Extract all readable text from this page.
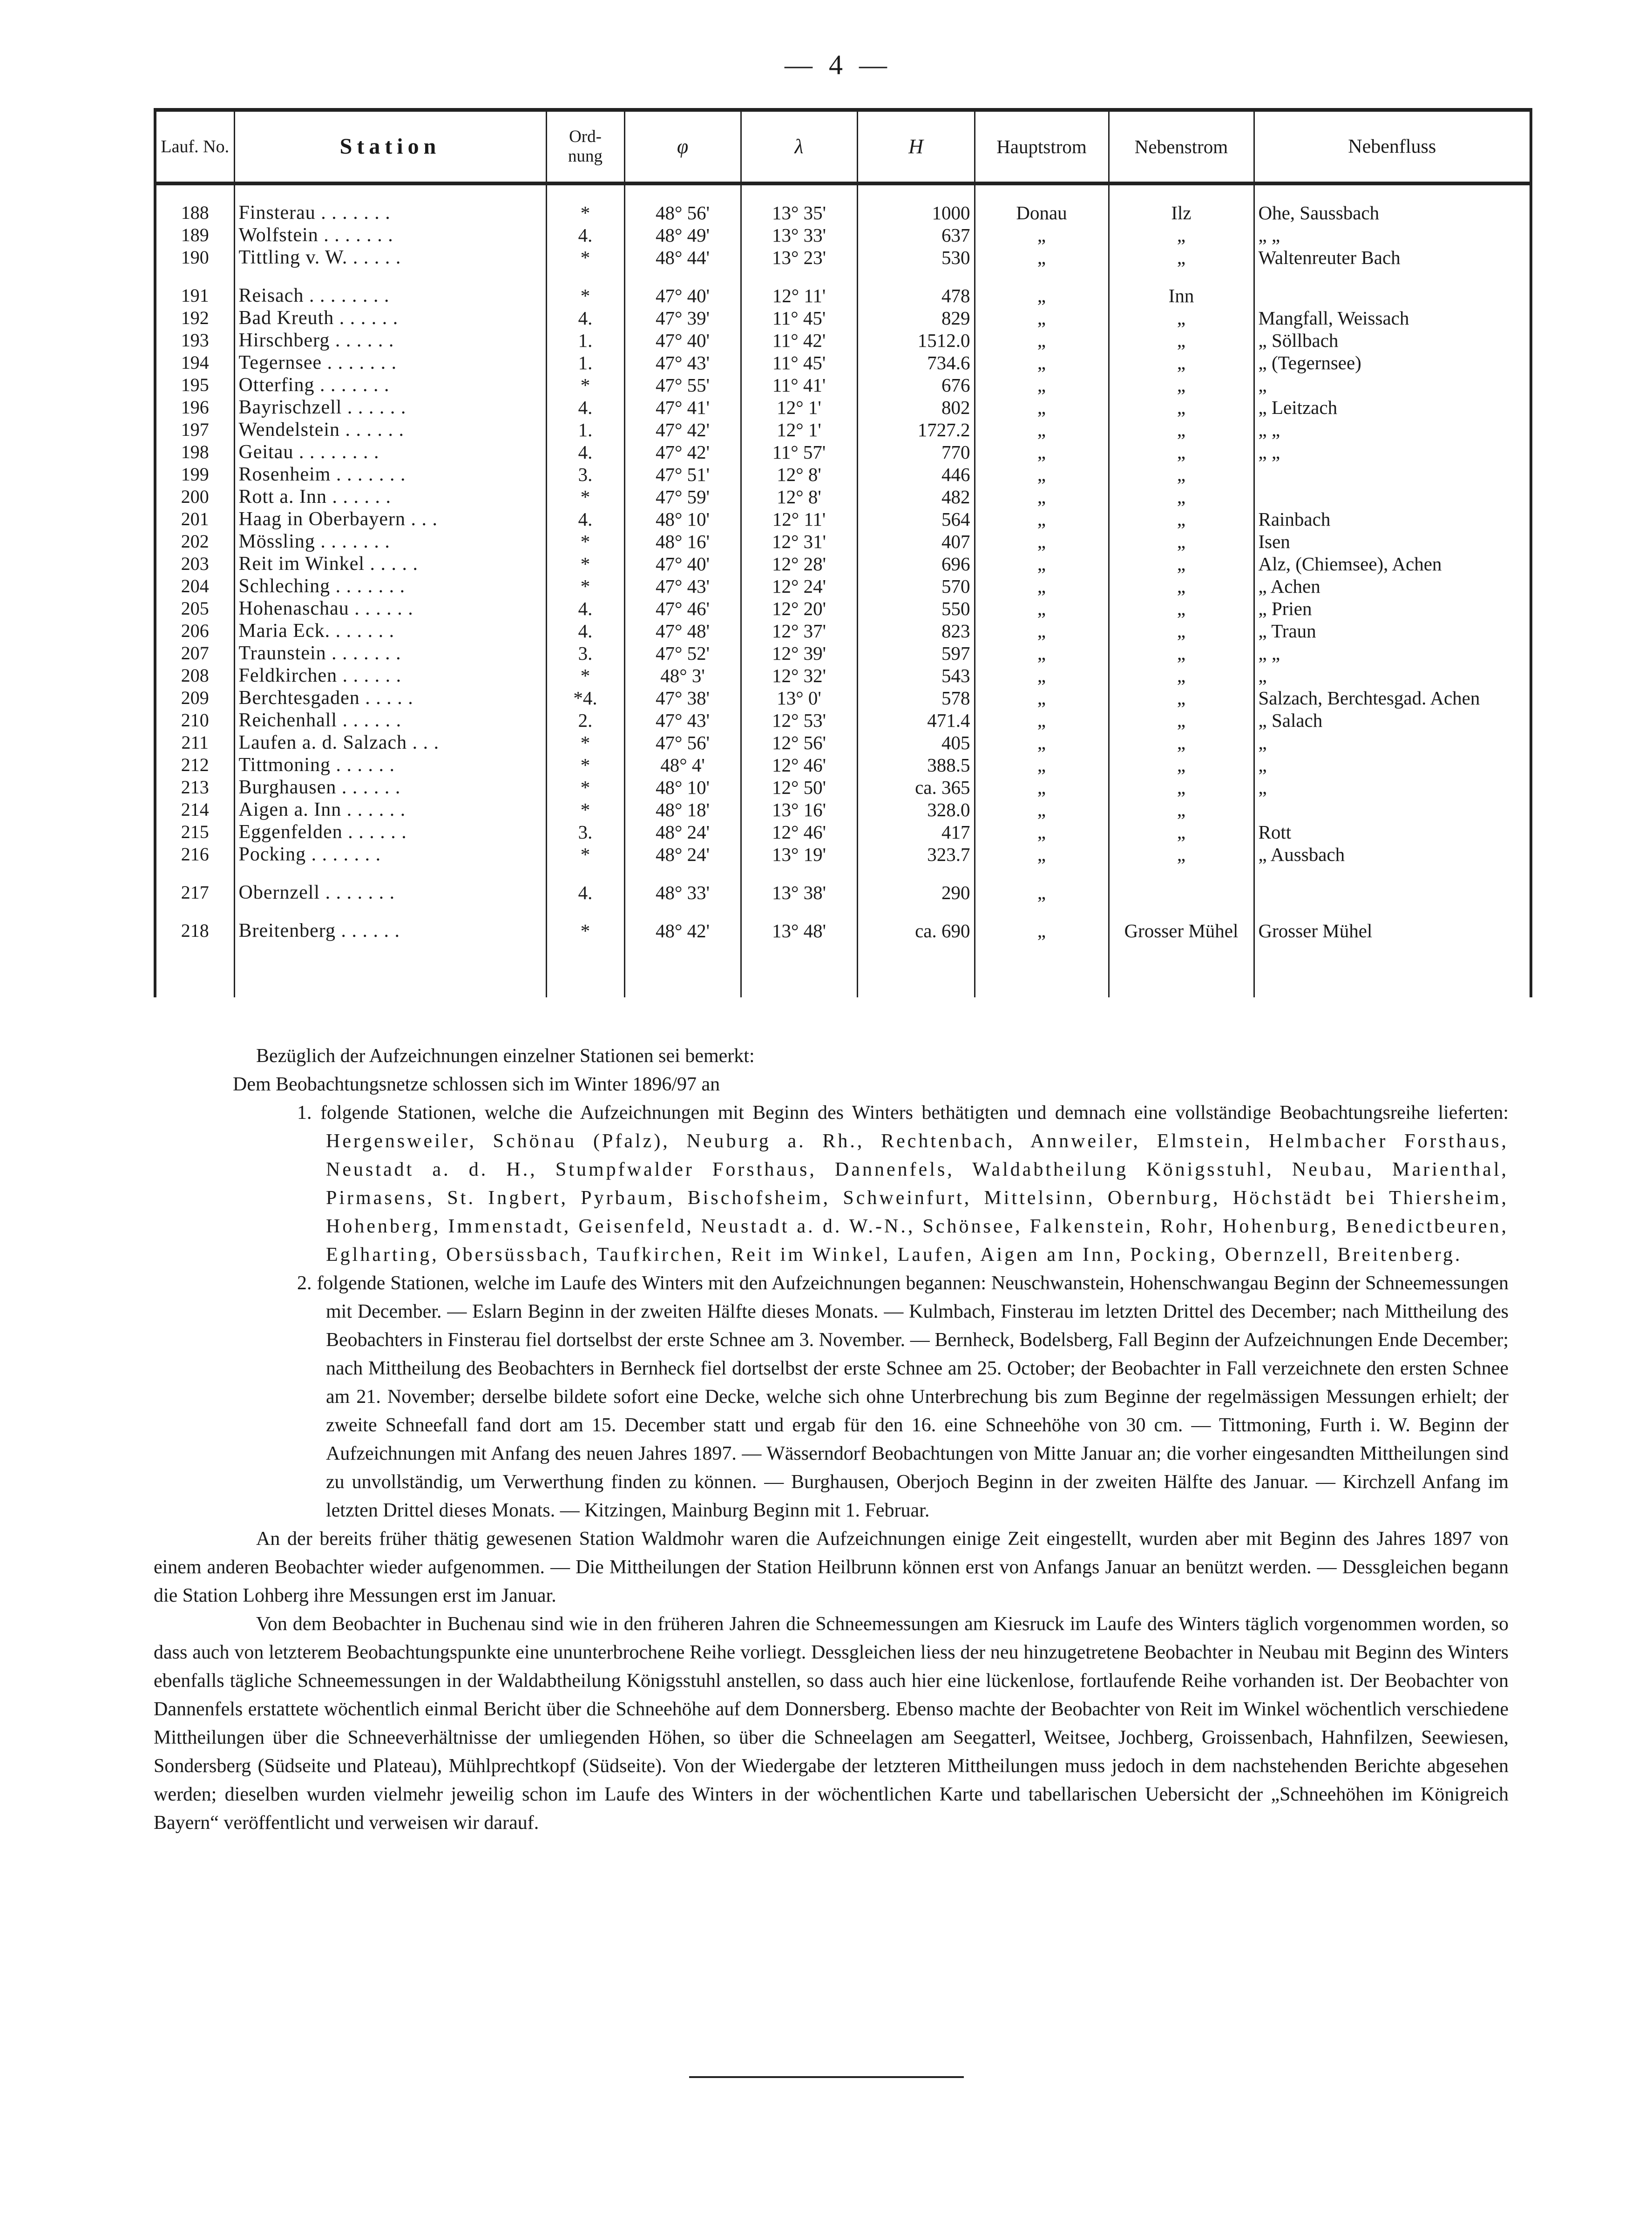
— 4 —
Lauf. No.	Station	Ord- nung	φ	λ	H	Hauptstrom	Nebenstrom	Nebenfluss
188	Finsterau . . . . . . .	*	48° 56'	13° 35'	1000	Donau	Ilz	Ohe, Saussbach
189	Wolfstein . . . . . . .	4.	48° 49'	13° 33'	637	„	„	„ „
190	Tittling v. W. . . . . .	*	48° 44'	13° 23'	530	„	„	Waltenreuter Bach
191	Reisach . . . . . . . .	*	47° 40'	12° 11'	478	„	Inn	
192	Bad Kreuth . . . . . .	4.	47° 39'	11° 45'	829	„	„	Mangfall, Weissach
193	Hirschberg . . . . . .	1.	47° 40'	11° 42'	1512.0	„	„	„ Söllbach
194	Tegernsee . . . . . . .	1.	47° 43'	11° 45'	734.6	„	„	„ (Tegernsee)
195	Otterfing . . . . . . .	*	47° 55'	11° 41'	676	„	„	„
196	Bayrischzell . . . . . .	4.	47° 41'	12° 1'	802	„	„	„ Leitzach
197	Wendelstein . . . . . .	1.	47° 42'	12° 1'	1727.2	„	„	„ „
198	Geitau . . . . . . . .	4.	47° 42'	11° 57'	770	„	„	„ „
199	Rosenheim . . . . . . .	3.	47° 51'	12° 8'	446	„	„	
200	Rott a. Inn . . . . . .	*	47° 59'	12° 8'	482	„	„	
201	Haag in Oberbayern . . .	4.	48° 10'	12° 11'	564	„	„	Rainbach
202	Mössling . . . . . . .	*	48° 16'	12° 31'	407	„	„	Isen
203	Reit im Winkel . . . . .	*	47° 40'	12° 28'	696	„	„	Alz, (Chiemsee), Achen
204	Schleching . . . . . . .	*	47° 43'	12° 24'	570	„	„	„ Achen
205	Hohenaschau . . . . . .	4.	47° 46'	12° 20'	550	„	„	„ Prien
206	Maria Eck. . . . . . .	4.	47° 48'	12° 37'	823	„	„	„ Traun
207	Traunstein . . . . . . .	3.	47° 52'	12° 39'	597	„	„	„ „
208	Feldkirchen . . . . . .	*	48° 3'	12° 32'	543	„	„	„
209	Berchtesgaden . . . . .	*4.	47° 38'	13° 0'	578	„	„	Salzach, Berchtesgad. Achen
210	Reichenhall . . . . . .	2.	47° 43'	12° 53'	471.4	„	„	„ Salach
211	Laufen a. d. Salzach . . .	*	47° 56'	12° 56'	405	„	„	„
212	Tittmoning . . . . . .	*	48° 4'	12° 46'	388.5	„	„	„
213	Burghausen . . . . . .	*	48° 10'	12° 50'	ca. 365	„	„	„
214	Aigen a. Inn . . . . . .	*	48° 18'	13° 16'	328.0	„	„	
215	Eggenfelden . . . . . .	3.	48° 24'	12° 46'	417	„	„	Rott
216	Pocking . . . . . . .	*	48° 24'	13° 19'	323.7	„	„	„ Aussbach
217	Obernzell . . . . . . .	4.	48° 33'	13° 38'	290	„		
218	Breitenberg . . . . . .	*	48° 42'	13° 48'	ca. 690	„	Grosser Mühel	Grosser Mühel

Bezüglich der Aufzeichnungen einzelner Stationen sei bemerkt:

Dem Beobachtungsnetze schlossen sich im Winter 1896/97 an

1. folgende Stationen, welche die Aufzeichnungen mit Beginn des Winters bethätigten und demnach eine vollständige Beobachtungsreihe lieferten: Hergensweiler, Schönau (Pfalz), Neuburg a. Rh., Rechtenbach, Annweiler, Elmstein, Helmbacher Forsthaus, Neustadt a. d. H., Stumpfwalder Forsthaus, Dannenfels, Waldabtheilung Königsstuhl, Neubau, Marienthal, Pirmasens, St. Ingbert, Pyrbaum, Bischofsheim, Schweinfurt, Mittelsinn, Obernburg, Höchstädt bei Thiersheim, Hohenberg, Immenstadt, Geisenfeld, Neustadt a. d. W.-N., Schönsee, Falkenstein, Rohr, Hohenburg, Benedictbeuren, Eglharting, Obersüssbach, Taufkirchen, Reit im Winkel, Laufen, Aigen am Inn, Pocking, Obernzell, Breitenberg.

2. folgende Stationen, welche im Laufe des Winters mit den Aufzeichnungen begannen: Neuschwanstein, Hohenschwangau Beginn der Schneemessungen mit December. — Eslarn Beginn in der zweiten Hälfte dieses Monats. — Kulmbach, Finsterau im letzten Drittel des December; nach Mittheilung des Beobachters in Finsterau fiel dortselbst der erste Schnee am 3. November. — Bernheck, Bodelsberg, Fall Beginn der Aufzeichnungen Ende December; nach Mittheilung des Beobachters in Bernheck fiel dortselbst der erste Schnee am 25. October; der Beobachter in Fall verzeichnete den ersten Schnee am 21. November; derselbe bildete sofort eine Decke, welche sich ohne Unterbrechung bis zum Beginne der regelmässigen Messungen erhielt; der zweite Schneefall fand dort am 15. December statt und ergab für den 16. eine Schneehöhe von 30 cm. — Tittmoning, Furth i. W. Beginn der Aufzeichnungen mit Anfang des neuen Jahres 1897. — Wässerndorf Beobachtungen von Mitte Januar an; die vorher eingesandten Mittheilungen sind zu unvollständig, um Verwerthung finden zu können. — Burghausen, Oberjoch Beginn in der zweiten Hälfte des Januar. — Kirchzell Anfang im letzten Drittel dieses Monats. — Kitzingen, Mainburg Beginn mit 1. Februar.

An der bereits früher thätig gewesenen Station Waldmohr waren die Aufzeichnungen einige Zeit eingestellt, wurden aber mit Beginn des Jahres 1897 von einem anderen Beobachter wieder aufgenommen. — Die Mittheilungen der Station Heilbrunn können erst von Anfangs Januar an benützt werden. — Dessgleichen begann die Station Lohberg ihre Messungen erst im Januar.

Von dem Beobachter in Buchenau sind wie in den früheren Jahren die Schneemessungen am Kiesruck im Laufe des Winters täglich vorgenommen worden, so dass auch von letzterem Beobachtungspunkte eine ununterbrochene Reihe vorliegt. Dessgleichen liess der neu hinzugetretene Beobachter in Neubau mit Beginn des Winters ebenfalls tägliche Schneemessungen in der Waldabtheilung Königsstuhl anstellen, so dass auch hier eine lückenlose, fortlaufende Reihe vorhanden ist. Der Beobachter von Dannenfels erstattete wöchentlich einmal Bericht über die Schneehöhe auf dem Donnersberg. Ebenso machte der Beobachter von Reit im Winkel wöchentlich verschiedene Mittheilungen über die Schneeverhältnisse der umliegenden Höhen, so über die Schneelagen am Seegatterl, Weitsee, Jochberg, Groissenbach, Hahnfilzen, Seewiesen, Sondersberg (Südseite und Plateau), Mühlprechtkopf (Südseite). Von der Wiedergabe der letzteren Mittheilungen muss jedoch in dem nachstehenden Berichte abgesehen werden; dieselben wurden vielmehr jeweilig schon im Laufe des Winters in der wöchentlichen Karte und tabellarischen Uebersicht der „Schneehöhen im Königreich Bayern“ veröffentlicht und verweisen wir darauf.
